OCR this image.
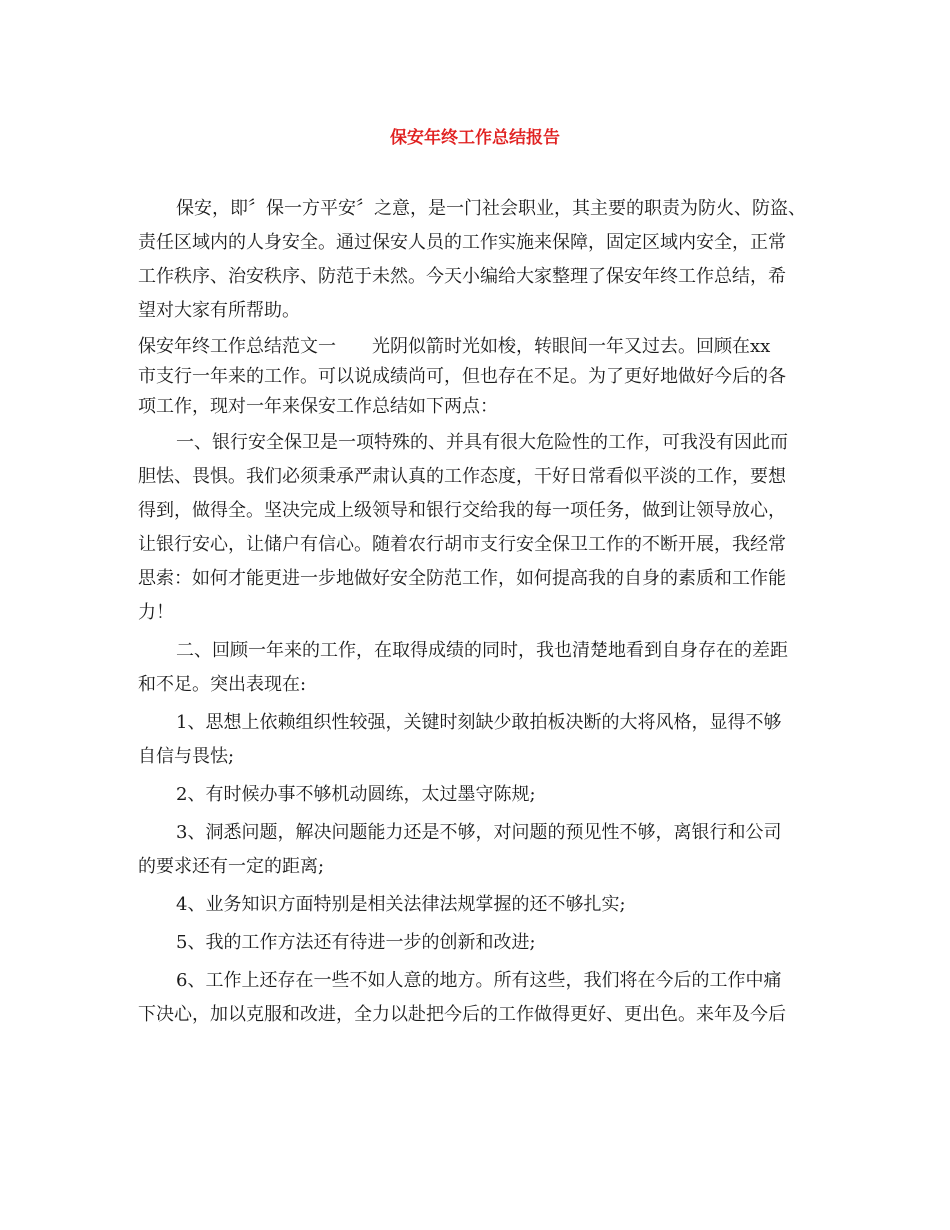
保安年终工作总结报告

保安，即〞保一方平安〞之意，是一门社会职业，其主要的职责为防火、防盗、
责任区域内的人身安全。通过保安人员的工作实施来保障，固定区域内安全，正常
工作秩序、治安秩序、防范于未然。今天小编给大家整理了保安年终工作总结，希
望对大家有所帮助。

保安年终工作总结范文一　　光阴似箭时光如梭，转眼间一年又过去。回顾在xx
市支行一年来的工作。可以说成绩尚可，但也存在不足。为了更好地做好今后的各
项工作，现对一年来保安工作总结如下两点：

一、银行安全保卫是一项特殊的、并具有很大危险性的工作，可我没有因此而
胆怯、畏惧。我们必须秉承严肃认真的工作态度，干好日常看似平淡的工作，要想
得到，做得全。坚决完成上级领导和银行交给我的每一项任务，做到让领导放心，
让银行安心，让储户有信心。随着农行胡市支行安全保卫工作的不断开展，我经常
思索：如何才能更进一步地做好安全防范工作，如何提高我的自身的素质和工作能
力！

二、回顾一年来的工作，在取得成绩的同时，我也清楚地看到自身存在的差距
和不足。突出表现在:

1、思想上依赖组织性较强，关键时刻缺少敢拍板决断的大将风格，显得不够
自信与畏怯;

2、有时候办事不够机动圆练，太过墨守陈规;

3、洞悉问题，解决问题能力还是不够，对问题的预见性不够，离银行和公司
的要求还有一定的距离;

4、业务知识方面特别是相关法律法规掌握的还不够扎实;

5、我的工作方法还有待进一步的创新和改进;

6、工作上还存在一些不如人意的地方。所有这些，我们将在今后的工作中痛
下决心，加以克服和改进，全力以赴把今后的工作做得更好、更出色。来年及今后
